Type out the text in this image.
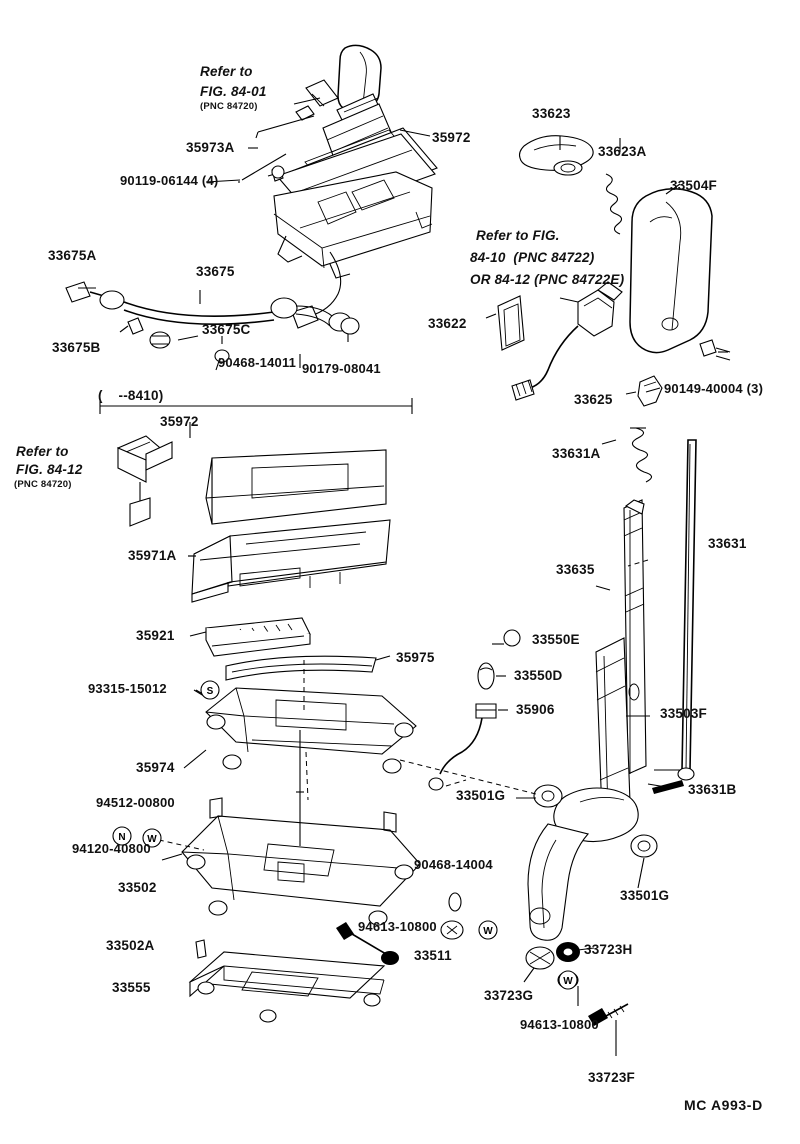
S
N W
W
W
Refer to
FIG. 84-01
(PNC 84720)
35972
35973A
90119-06144 (4)
33675A
33675
33675B
33675C
90468-14011 90179-08041
(    --8410)
35972
Refer to
FIG. 84-12
(PNC 84720)
35971A
35921
35975
93315-15012
35974
94512-00800
94120-40800
33502
33502A
33555
94613-10800
33511
90468-14004
33623
33623A
33504F
Refer to FIG.
84-10  (PNC 84722)
OR 84-12 (PNC 84722E)
33622
33625
90149-40004 (3)
33631A
33635
33631
33550E
33550D
35906	33503F
33501G	33631B
33501G
33723H
33723G
94613-10800
33723F
MC A993-D
